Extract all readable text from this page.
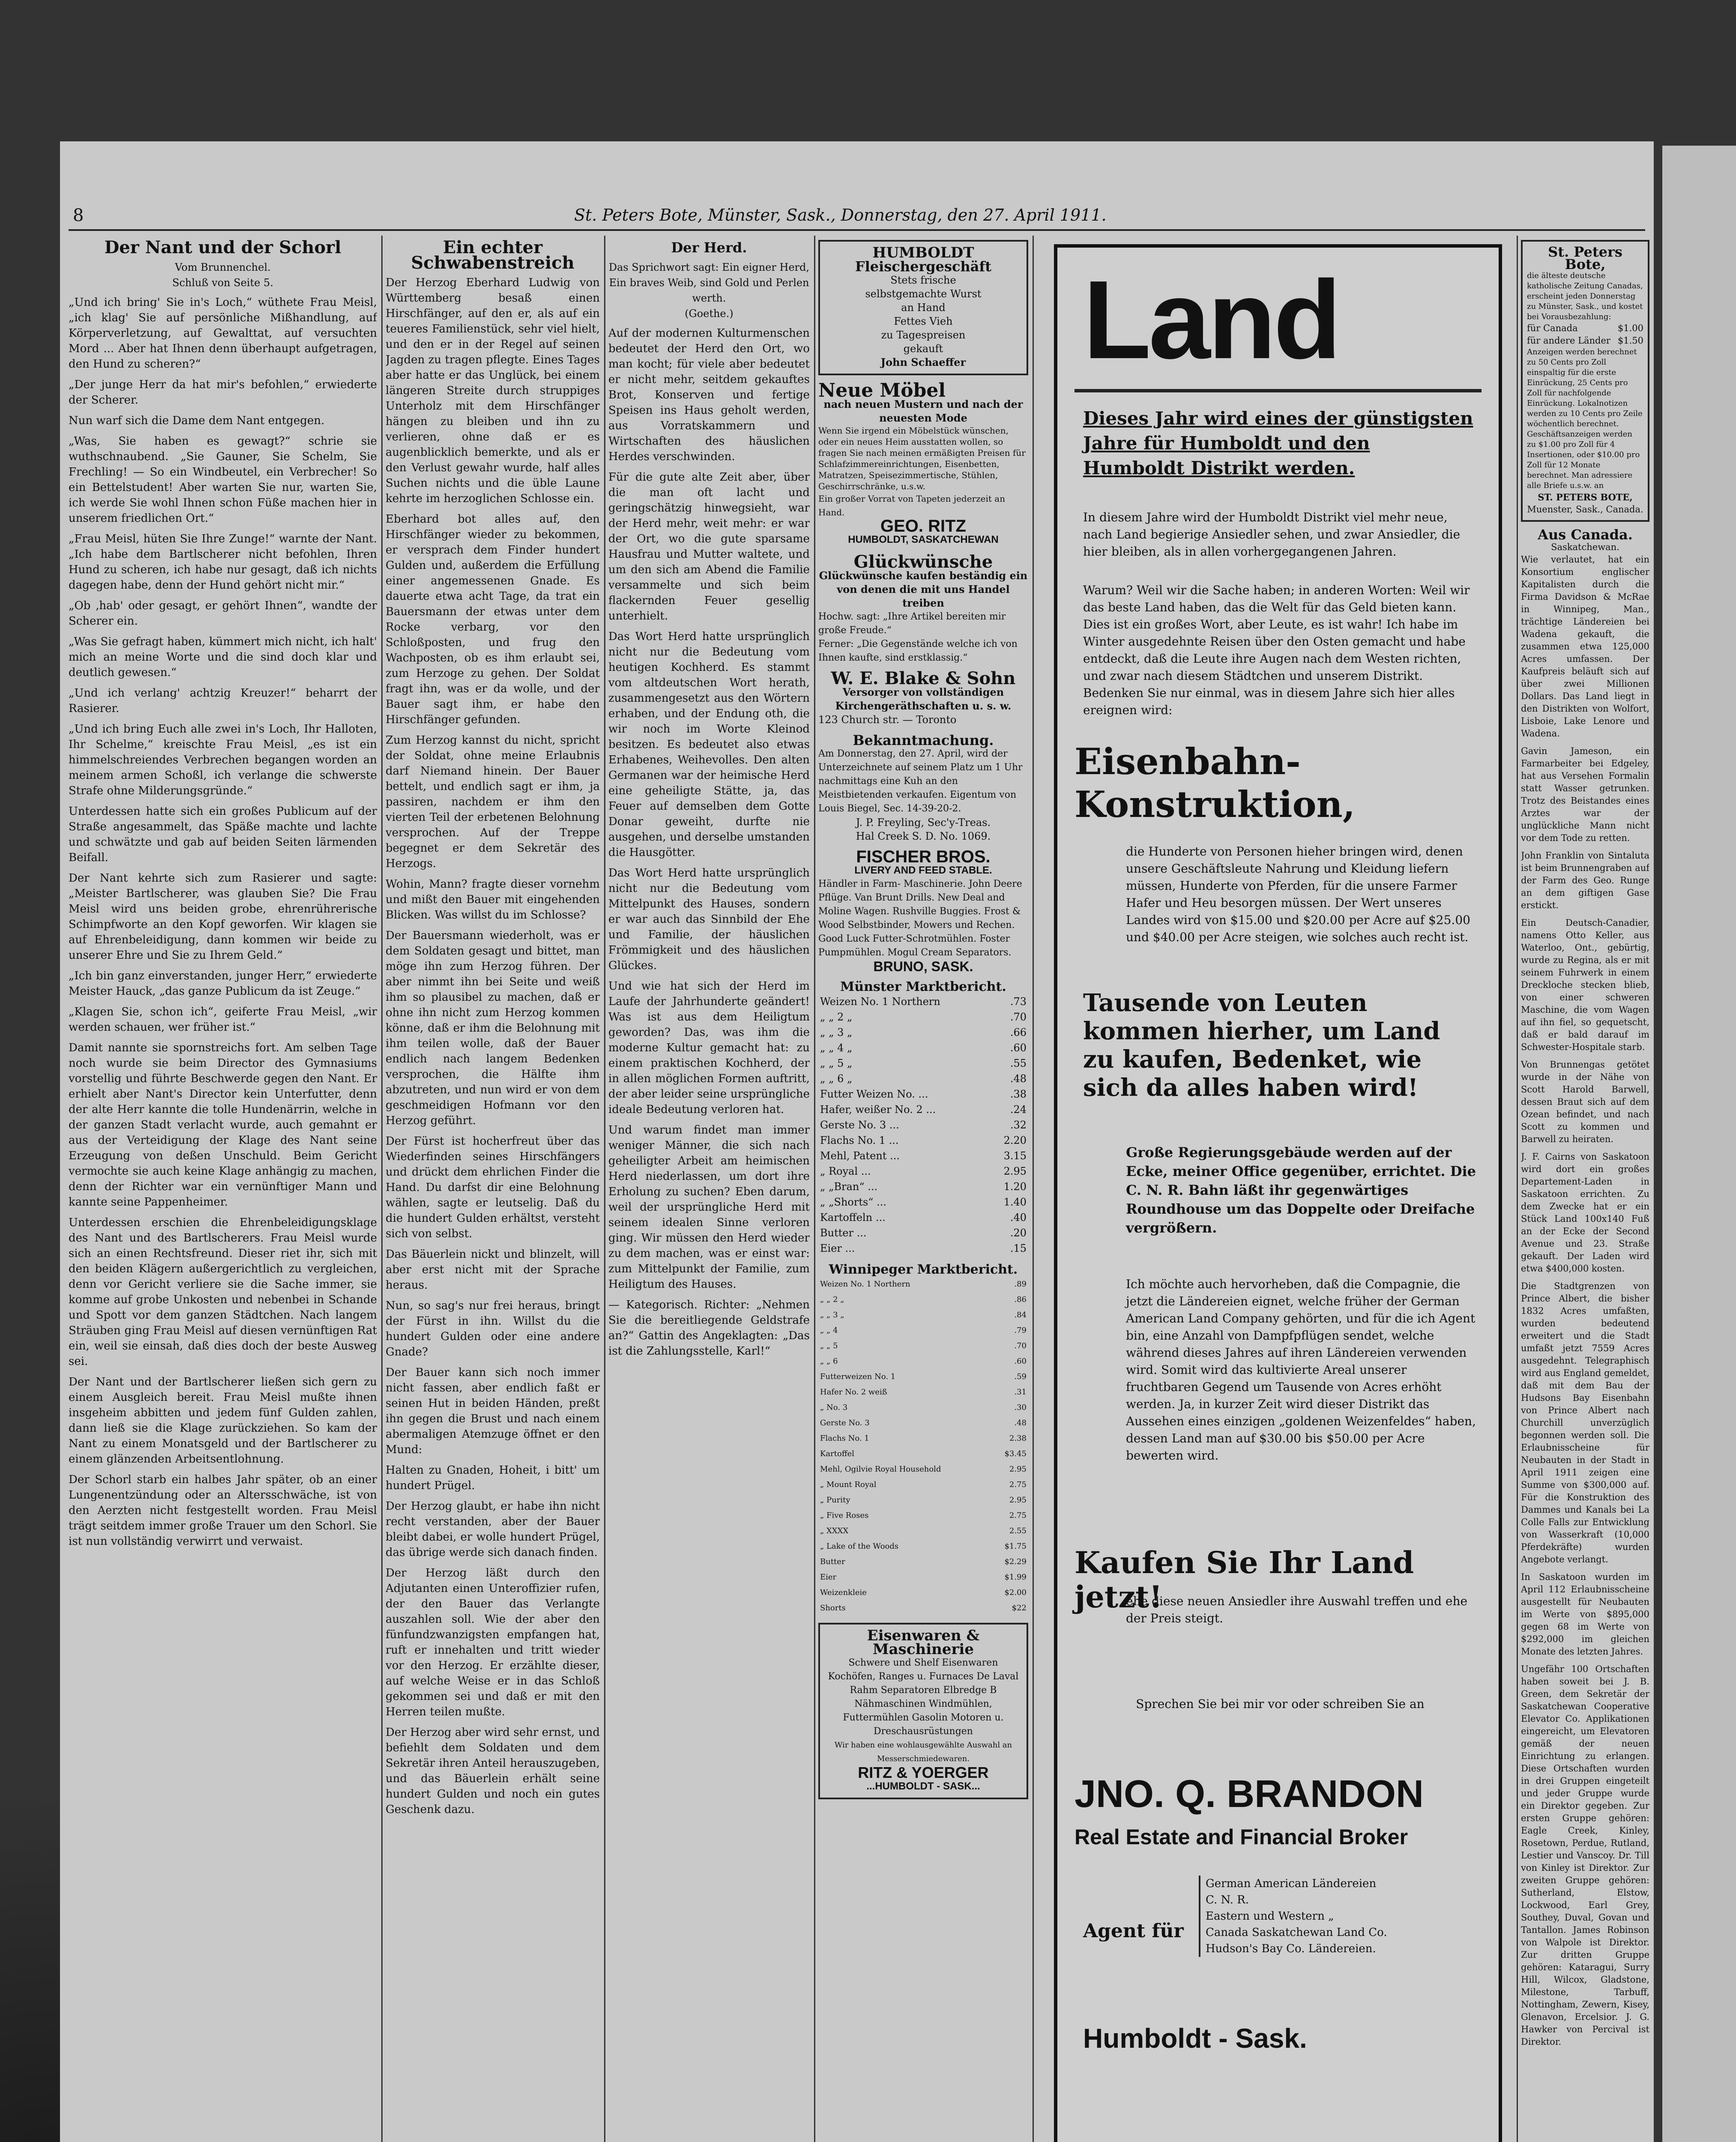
8	St. Peters Bote, Münster, Sask., Donnerstag, den 27. April 1911.
Der Nant und der Schorl
Vom Brunnenchel.
Schluß von Seite 5.

„Und ich bring' Sie in's Loch,“ wüthete Frau Meisl, „ich klag' Sie auf persönliche Mißhandlung, auf Körperverletzung, auf Gewalttat, auf versuchten Mord ... Aber hat Ihnen denn überhaupt aufgetragen, den Hund zu scheren?“

„Der junge Herr da hat mir's befohlen,“ erwiederte der Scherer.

Nun warf sich die Dame dem Nant entgegen.

„Was, Sie haben es gewagt?“ schrie sie wuthschnaubend. „Sie Gauner, Sie Schelm, Sie Frechling! — So ein Windbeutel, ein Verbrecher! So ein Bettelstudent! Aber warten Sie nur, warten Sie, ich werde Sie wohl Ihnen schon Füße machen hier in unserem friedlichen Ort.“

„Frau Meisl, hüten Sie Ihre Zunge!“ warnte der Nant. „Ich habe dem Bartlscherer nicht befohlen, Ihren Hund zu scheren, ich habe nur gesagt, daß ich nichts dagegen habe, denn der Hund gehört nicht mir.“

„Ob ‚hab' oder gesagt, er gehört Ihnen“, wandte der Scherer ein.

„Was Sie gefragt haben, kümmert mich nicht, ich halt' mich an meine Worte und die sind doch klar und deutlich gewesen.“

„Und ich verlang' achtzig Kreuzer!“ beharrt der Rasierer.

„Und ich bring Euch alle zwei in's Loch, Ihr Halloten, Ihr Schelme,“ kreischte Frau Meisl, „es ist ein himmelschreiendes Verbrechen begangen worden an meinem armen Schoßl, ich verlange die schwerste Strafe ohne Milderungsgründe.“

Unterdessen hatte sich ein großes Publicum auf der Straße angesammelt, das Späße machte und lachte und schwätzte und gab auf beiden Seiten lärmenden Beifall.

Der Nant kehrte sich zum Rasierer und sagte: „Meister Bartlscherer, was glauben Sie? Die Frau Meisl wird uns beiden grobe, ehrenrührerische Schimpfworte an den Kopf geworfen. Wir klagen sie auf Ehrenbeleidigung, dann kommen wir beide zu unserer Ehre und Sie zu Ihrem Geld.“

„Ich bin ganz einverstanden, junger Herr,“ erwiederte Meister Hauck, „das ganze Publicum da ist Zeuge.“

„Klagen Sie, schon ich“, geiferte Frau Meisl, „wir werden schauen, wer früher ist.“

Damit nannte sie spornstreichs fort. Am selben Tage noch wurde sie beim Director des Gymnasiums vorstellig und führte Beschwerde gegen den Nant. Er erhielt aber Nant's Director kein Unterfutter, denn der alte Herr kannte die tolle Hundenärrin, welche in der ganzen Stadt verlacht wurde, auch gemahnt er aus der Verteidigung der Klage des Nant seine Erzeugung von deßen Unschuld. Beim Gericht vermochte sie auch keine Klage anhängig zu machen, denn der Richter war ein vernünftiger Mann und kannte seine Pappenheimer.

Unterdessen erschien die Ehrenbeleidigungsklage des Nant und des Bartlscherers. Frau Meisl wurde sich an einen Rechtsfreund. Dieser riet ihr, sich mit den beiden Klägern außergerichtlich zu vergleichen, denn vor Gericht verliere sie die Sache immer, sie komme auf grobe Unkosten und nebenbei in Schande und Spott vor dem ganzen Städtchen. Nach langem Sträuben ging Frau Meisl auf diesen vernünftigen Rat ein, weil sie einsah, daß dies doch der beste Ausweg sei.

Der Nant und der Bartlscherer ließen sich gern zu einem Ausgleich bereit. Frau Meisl mußte ihnen insgeheim abbitten und jedem fünf Gulden zahlen, dann ließ sie die Klage zurückziehen. So kam der Nant zu einem Monatsgeld und der Bartlscherer zu einem glänzenden Arbeitsentlohnung.

Der Schorl starb ein halbes Jahr später, ob an einer Lungenentzündung oder an Altersschwäche, ist von den Aerzten nicht festgestellt worden. Frau Meisl trägt seitdem immer große Trauer um den Schorl. Sie ist nun vollständig verwirrt und verwaist.

Ein echter Schwabenstreich

Der Herzog Eberhard Ludwig von Württemberg besaß einen Hirschfänger, auf den er, als auf ein teueres Familienstück, sehr viel hielt, und den er in der Regel auf seinen Jagden zu tragen pflegte. Eines Tages aber hatte er das Unglück, bei einem längeren Streite durch struppiges Unterholz mit dem Hirschfänger hängen zu bleiben und ihn zu verlieren, ohne daß er es augenblicklich bemerkte, und als er den Verlust gewahr wurde, half alles Suchen nichts und die üble Laune kehrte im herzoglichen Schlosse ein.

Eberhard bot alles auf, den Hirschfänger wieder zu bekommen, er versprach dem Finder hundert Gulden und, außerdem die Erfüllung einer angemessenen Gnade. Es dauerte etwa acht Tage, da trat ein Bauersmann der etwas unter dem Rocke verbarg, vor den Schloßposten, und frug den Wachposten, ob es ihm erlaubt sei, zum Herzoge zu gehen. Der Soldat fragt ihn, was er da wolle, und der Bauer sagt ihm, er habe den Hirschfänger gefunden.

Zum Herzog kannst du nicht, spricht der Soldat, ohne meine Erlaubnis darf Niemand hinein. Der Bauer bettelt, und endlich sagt er ihm, ja passiren, nachdem er ihm den vierten Teil der erbetenen Belohnung versprochen. Auf der Treppe begegnet er dem Sekretär des Herzogs.

Wohin, Mann? fragte dieser vornehm und mißt den Bauer mit eingehenden Blicken. Was willst du im Schlosse?

Der Bauersmann wiederholt, was er dem Soldaten gesagt und bittet, man möge ihn zum Herzog führen. Der aber nimmt ihn bei Seite und weiß ihm so plausibel zu machen, daß er ohne ihn nicht zum Herzog kommen könne, daß er ihm die Belohnung mit ihm teilen wolle, daß der Bauer endlich nach langem Bedenken versprochen, die Hälfte ihm abzutreten, und nun wird er von dem geschmeidigen Hofmann vor den Herzog geführt.

Der Fürst ist hocherfreut über das Wiederfinden seines Hirschfängers und drückt dem ehrlichen Finder die Hand. Du darfst dir eine Belohnung wählen, sagte er leutselig. Daß du die hundert Gulden erhältst, versteht sich von selbst.

Das Bäuerlein nickt und blinzelt, will aber erst nicht mit der Sprache heraus.

Nun, so sag's nur frei heraus, bringt der Fürst in ihn. Willst du die hundert Gulden oder eine andere Gnade?

Der Bauer kann sich noch immer nicht fassen, aber endlich faßt er seinen Hut in beiden Händen, preßt ihn gegen die Brust und nach einem abermaligen Atemzuge öffnet er den Mund:

Halten zu Gnaden, Hoheit, i bitt' um hundert Prügel.

Der Herzog glaubt, er habe ihn nicht recht verstanden, aber der Bauer bleibt dabei, er wolle hundert Prügel, das übrige werde sich danach finden.

Der Herzog läßt durch den Adjutanten einen Unteroffizier rufen, der den Bauer das Verlangte auszahlen soll. Wie der aber den fünfundzwanzigsten empfangen hat, ruft er innehalten und tritt wieder vor den Herzog. Er erzählte dieser, auf welche Weise er in das Schloß gekommen sei und daß er mit den Herren teilen mußte.

Der Herzog aber wird sehr ernst, und befiehlt dem Soldaten und dem Sekretär ihren Anteil herauszugeben, und das Bäuerlein erhält seine hundert Gulden und noch ein gutes Geschenk dazu.

Der Herd.
Das Sprichwort sagt: Ein eigner Herd,
Ein braves Weib, sind Gold und Perlen werth.
(Goethe.)

Auf der modernen Kulturmenschen bedeutet der Herd den Ort, wo man kocht; für viele aber bedeutet er nicht mehr, seitdem gekauftes Brot, Konserven und fertige Speisen ins Haus geholt werden, aus Vorratskammern und Wirtschaften des häuslichen Herdes verschwinden.

Für die gute alte Zeit aber, über die man oft lacht und geringschätzig hinwegsieht, war der Herd mehr, weit mehr: er war der Ort, wo die gute sparsame Hausfrau und Mutter waltete, und um den sich am Abend die Familie versammelte und sich beim flackernden Feuer gesellig unterhielt.

Das Wort Herd hatte ursprünglich nicht nur die Bedeutung vom heutigen Kochherd. Es stammt vom altdeutschen Wort herath, zusammengesetzt aus den Wörtern erhaben, und der Endung oth, die wir noch im Worte Kleinod besitzen. Es bedeutet also etwas Erhabenes, Weihevolles. Den alten Germanen war der heimische Herd eine geheiligte Stätte, ja, das Feuer auf demselben dem Gotte Donar geweiht, durfte nie ausgehen, und derselbe umstanden die Hausgötter.

Das Wort Herd hatte ursprünglich nicht nur die Bedeutung vom Mittelpunkt des Hauses, sondern er war auch das Sinnbild der Ehe und Familie, der häuslichen Frömmigkeit und des häuslichen Glückes.

Und wie hat sich der Herd im Laufe der Jahrhunderte geändert! Was ist aus dem Heiligtum geworden? Das, was ihm die moderne Kultur gemacht hat: zu einem praktischen Kochherd, der in allen möglichen Formen auftritt, der aber leider seine ursprüngliche ideale Bedeutung verloren hat.

Und warum findet man immer weniger Männer, die sich nach geheiligter Arbeit am heimischen Herd niederlassen, um dort ihre Erholung zu suchen? Eben darum, weil der ursprüngliche Herd mit seinem idealen Sinne verloren ging. Wir müssen den Herd wieder zu dem machen, was er einst war: zum Mittelpunkt der Familie, zum Heiligtum des Hauses.

— Kategorisch. Richter: „Nehmen Sie die bereitliegende Geldstrafe an?“ Gattin des Angeklagten: „Das ist die Zahlungsstelle, Karl!“

HUMBOLDT
Fleischergeschäft
Stets frische
selbstgemachte Wurst
an Hand
Fettes Vieh
zu Tagespreisen
gekauft
John Schaeffer
Neue Möbel
nach neuen Mustern und nach der neuesten Mode
Wenn Sie irgend ein Möbelstück wünschen, oder ein neues Heim ausstatten wollen, so fragen Sie nach meinen ermäßigten Preisen für Schlafzimmereinrichtungen, Eisenbetten, Matratzen, Speisezimmertische, Stühlen, Geschirrschränke, u.s.w.
Ein großer Vorrat von Tapeten jederzeit an Hand.
GEO. RITZ
HUMBOLDT, SASKATCHEWAN
Glückwünsche
Glückwünsche kaufen beständig ein von denen die mit uns Handel treiben
Hochw. sagt: „Ihre Artikel bereiten mir große Freude.“
Ferner: „Die Gegenstände welche ich von Ihnen kaufte, sind erstklassig.“
W. E. Blake & Sohn
Versorger von vollständigen Kirchengeräthschaften u. s. w.
123 Church str. — Toronto
Bekanntmachung.
Am Donnerstag, den 27. April, wird der Unterzeichnete auf seinem Platz um 1 Uhr nachmittags eine Kuh an den Meistbietenden verkaufen. Eigentum von Louis Biegel, Sec. 14-39-20-2.
J. P. Freyling, Sec'y-Treas.
Hal Creek S. D. No. 1069.
FISCHER BROS.
LIVERY AND FEED STABLE.
Händler in Farm- Maschinerie. John Deere Pflüge. Van Brunt Drills. New Deal and Moline Wagen. Rushville Buggies. Frost & Wood Selbstbinder, Mowers und Rechen. Good Luck Futter-Schrotmühlen. Foster Pumpmühlen. Mogul Cream Separators.
BRUNO, SASK.
Münster Marktbericht.
Weizen No. 1 Northern	.73
„ „ 2 „	.70
„ „ 3 „	.66
„ „ 4 „	.60
„ „ 5 „	.55
„ „ 6 „	.48
Futter Weizen No. ...	.38
Hafer, weißer No. 2 ...	.24
Gerste No. 3 ...	.32
Flachs No. 1 ...	2.20
Mehl, Patent ...	3.15
„ Royal ...	2.95
„ „Bran“ ...	1.20
„ „Shorts“ ...	1.40
Kartoffeln ...	.40
Butter ...	.20
Eier ...	.15
Winnipeger Marktbericht.
Weizen No. 1 Northern	.89
„ „ 2 „	.86
„ „ 3 „	.84
„ „ 4	.79
„ „ 5	.70
„ „ 6	.60
Futterweizen No. 1	.59
Hafer No. 2 weiß	.31
„ No. 3	.30
Gerste No. 3	.48
Flachs No. 1	2.38
Kartoffel	$3.45
Mehl, Ogilvie Royal Household	2.95
„ Mount Royal	2.75
„ Purity	2.95
„ Five Roses	2.75
„ XXXX	2.55
„ Lake of the Woods	$1.75
Butter	$2.29
Eier	$1.99
Weizenkleie	$2.00
Shorts	$22
Eisenwaren & Maschinerie
Schwere und Shelf Eisenwaren Kochöfen, Ranges u. Furnaces De Laval Rahm Separatoren Elbredge B Nähmaschinen Windmühlen, Futtermühlen Gasolin Motoren u. Dreschausrüstungen
Wir haben eine wohlausgewählte Auswahl an Messerschmiedewaren.
RITZ & YOERGER
...HUMBOLDT - SASK...
Land
Dieses Jahr wird eines der günstigsten Jahre für Humboldt und den Humboldt Distrikt werden.
In diesem Jahre wird der Humboldt Distrikt viel mehr neue, nach Land begierige Ansiedler sehen, und zwar Ansiedler, die hier bleiben, als in allen vorhergegangenen Jahren.
Warum? Weil wir die Sache haben; in anderen Worten: Weil wir das beste Land haben, das die Welt für das Geld bieten kann. Dies ist ein großes Wort, aber Leute, es ist wahr! Ich habe im Winter ausgedehnte Reisen über den Osten gemacht und habe entdeckt, daß die Leute ihre Augen nach dem Westen richten, und zwar nach diesem Städtchen und unserem Distrikt. Bedenken Sie nur einmal, was in diesem Jahre sich hier alles ereignen wird:
Eisenbahn-Konstruktion,
die Hunderte von Personen hieher bringen wird, denen unsere Geschäftsleute Nahrung und Kleidung liefern müssen, Hunderte von Pferden, für die unsere Farmer Hafer und Heu besorgen müssen. Der Wert unseres Landes wird von $15.00 und $20.00 per Acre auf $25.00 und $40.00 per Acre steigen, wie solches auch recht ist.
Tausende von Leuten kommen hierher, um Land zu kaufen, Bedenket, wie sich da alles haben wird!
Große Regierungsgebäude werden auf der Ecke, meiner Office gegenüber, errichtet. Die C. N. R. Bahn läßt ihr gegenwärtiges Roundhouse um das Doppelte oder Dreifache vergrößern.
Ich möchte auch hervorheben, daß die Compagnie, die jetzt die Ländereien eignet, welche früher der German American Land Company gehörten, und für die ich Agent bin, eine Anzahl von Dampfpflügen sendet, welche während dieses Jahres auf ihren Ländereien verwenden wird. Somit wird das kultivierte Areal unserer fruchtbaren Gegend um Tausende von Acres erhöht werden. Ja, in kurzer Zeit wird dieser Distrikt das Aussehen eines einzigen „goldenen Weizenfeldes“ haben, dessen Land man auf $30.00 bis $50.00 per Acre bewerten wird.
Kaufen Sie Ihr Land jetzt!
ehe diese neuen Ansiedler ihre Auswahl treffen und ehe der Preis steigt.
Sprechen Sie bei mir vor oder schreiben Sie an
JNO. Q. BRANDON
Real Estate and Financial Broker
Agent für
German American Ländereien
C. N. R.
Eastern und Western „
Canada Saskatchewan Land Co.
Hudson's Bay Co. Ländereien.
Humboldt - Sask.
St. Peters Bote,
die älteste deutsche katholische Zeitung Canadas, erscheint jeden Donnerstag zu Münster, Sask., und kostet bei Vorausbezahlung:
für Canada	$1.00
für andere Länder $1.50
Anzeigen werden berechnet zu 50 Cents pro Zoll einspaltig für die erste Einrückung, 25 Cents pro Zoll für nachfolgende Einrückung. Lokalnotizen werden zu 10 Cents pro Zeile wöchentlich berechnet. Geschäftsanzeigen werden zu $1.00 pro Zoll für 4 Insertionen, oder $10.00 pro Zoll für 12 Monate berechnet. Man adressiere alle Briefe u.s.w. an
ST. PETERS BOTE,
Muenster, Sask., Canada.
Aus Canada.
Saskatchewan.

Wie verlautet, hat ein Konsortium englischer Kapitalisten durch die Firma Davidson & McRae in Winnipeg, Man., trächtige Ländereien bei Wadena gekauft, die zusammen etwa 125,000 Acres umfassen. Der Kaufpreis beläuft sich auf über zwei Millionen Dollars. Das Land liegt in den Distrikten von Wolfort, Lisboie, Lake Lenore und Wadena.

Gavin Jameson, ein Farmarbeiter bei Edgeley, hat aus Versehen Formalin statt Wasser getrunken. Trotz des Beistandes eines Arztes war der unglückliche Mann nicht vor dem Tode zu retten.

John Franklin von Sintaluta ist beim Brunnengraben auf der Farm des Geo. Runge an dem giftigen Gase erstickt.

Ein Deutsch-Canadier, namens Otto Keller, aus Waterloo, Ont., gebürtig, wurde zu Regina, als er mit seinem Fuhrwerk in einem Dreckloche stecken blieb, von einer schweren Maschine, die vom Wagen auf ihn fiel, so gequetscht, daß er bald darauf im Schwester-Hospitale starb.

Von Brunnengas getötet wurde in der Nähe von Scott Harold Barwell, dessen Braut sich auf dem Ozean befindet, und nach Scott zu kommen und Barwell zu heiraten.

J. F. Cairns von Saskatoon wird dort ein großes Departement-Laden in Saskatoon errichten. Zu dem Zwecke hat er ein Stück Land 100x140 Fuß an der Ecke der Second Avenue und 23. Straße gekauft. Der Laden wird etwa $400,000 kosten.

Die Stadtgrenzen von Prince Albert, die bisher 1832 Acres umfaßten, wurden bedeutend erweitert und die Stadt umfaßt jetzt 7559 Acres ausgedehnt. Telegraphisch wird aus England gemeldet, daß mit dem Bau der Hudsons Bay Eisenbahn von Prince Albert nach Churchill unverzüglich begonnen werden soll. Die Erlaubnisscheine für Neubauten in der Stadt in April 1911 zeigen eine Summe von $300,000 auf. Für die Konstruktion des Dammes und Kanals bei La Colle Falls zur Entwicklung von Wasserkraft (10,000 Pferdekräfte) wurden Angebote verlangt.

In Saskatoon wurden im April 112 Erlaubnisscheine ausgestellt für Neubauten im Werte von $895,000 gegen 68 im Werte von $292,000 im gleichen Monate des letzten Jahres.

Ungefähr 100 Ortschaften haben soweit bei J. B. Green, dem Sekretär der Saskatchewan Cooperative Elevator Co. Applikationen eingereicht, um Elevatoren gemäß der neuen Einrichtung zu erlangen. Diese Ortschaften wurden in drei Gruppen eingeteilt und jeder Gruppe wurde ein Direktor gegeben. Zur ersten Gruppe gehören: Eagle Creek, Kinley, Rosetown, Perdue, Rutland, Lestier und Vanscoy. Dr. Till von Kinley ist Direktor. Zur zweiten Gruppe gehören: Sutherland, Elstow, Lockwood, Earl Grey, Southey, Duval, Govan und Tantallon. James Robinson von Walpole ist Direktor. Zur dritten Gruppe gehören: Kataragui, Surry Hill, Wilcox, Gladstone, Milestone, Tarbuff, Nottingham, Zewern, Kisey, Glenavon, Ercelsior. J. G. Hawker von Percival ist Direktor.
